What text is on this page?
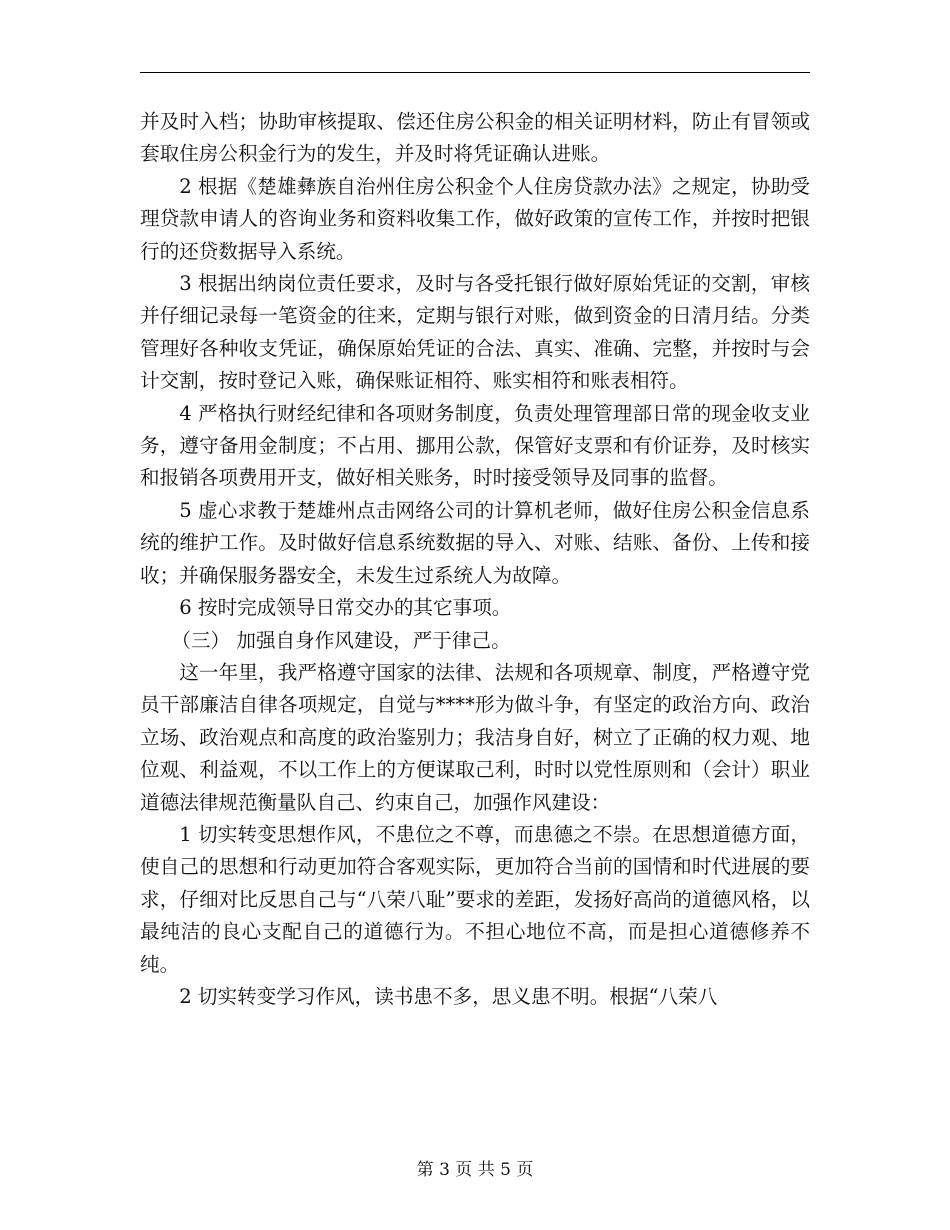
并及时入档；协助审核提取、偿还住房公积金的相关证明材料，防止有冒领或套取住房公积金行为的发生，并及时将凭证确认进账。

2 根据《楚雄彝族自治州住房公积金个人住房贷款办法》之规定，协助受理贷款申请人的咨询业务和资料收集工作，做好政策的宣传工作，并按时把银行的还贷数据导入系统。

3 根据出纳岗位责任要求，及时与各受托银行做好原始凭证的交割，审核并仔细记录每一笔资金的往来，定期与银行对账，做到资金的日清月结。分类管理好各种收支凭证，确保原始凭证的合法、真实、准确、完整，并按时与会计交割，按时登记入账，确保账证相符、账实相符和账表相符。

4 严格执行财经纪律和各项财务制度，负责处理管理部日常的现金收支业务，遵守备用金制度；不占用、挪用公款，保管好支票和有价证券，及时核实和报销各项费用开支，做好相关账务，时时接受领导及同事的监督。

5 虚心求教于楚雄州点击网络公司的计算机老师，做好住房公积金信息系统的维护工作。及时做好信息系统数据的导入、对账、结账、备份、上传和接收；并确保服务器安全，未发生过系统人为故障。

6 按时完成领导日常交办的其它事项。

（三） 加强自身作风建设，严于律己。

这一年里，我严格遵守国家的法律、法规和各项规章、制度，严格遵守党员干部廉洁自律各项规定，自觉与****形为做斗争，有坚定的政治方向、政治立场、政治观点和高度的政治鉴别力；我洁身自好，树立了正确的权力观、地位观、利益观，不以工作上的方便谋取己利，时时以党性原则和（会计）职业道德法律规范衡量队自己、约束自己，加强作风建设：

1 切实转变思想作风，不患位之不尊，而患德之不崇。在思想道德方面，使自己的思想和行动更加符合客观实际，更加符合当前的国情和时代进展的要求，仔细对比反思自己与“八荣八耻”要求的差距，发扬好高尚的道德风格，以最纯洁的良心支配自己的道德行为。不担心地位不高，而是担心道德修养不纯。

2 切实转变学习作风，读书患不多，思义患不明。根据“八荣八

第 3 页 共 5 页
